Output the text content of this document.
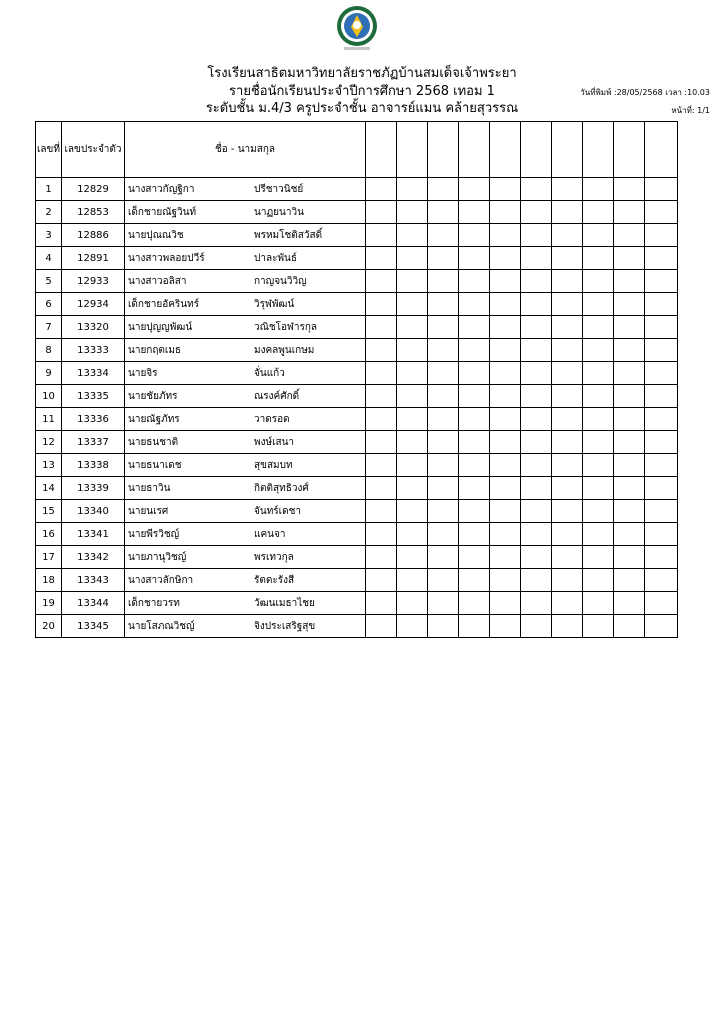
โรงเรียนสาธิตมหาวิทยาลัยราชภัฏบ้านสมเด็จเจ้าพระยา
รายชื่อนักเรียนประจำปีการศึกษา 2568 เทอม 1
ระดับชั้น ม.4/3 ครูประจำชั้น อาจารย์แมน คล้ายสุวรรณ
วันที่พิมพ์ :28/05/2568 เวลา :10.03
หน้าที่: 1/1
เลขที่	เลขประจำตัว	ชื่อ - นามสกุล										
1	12829	นางสาวกัญฐิกา ปรีชาวนิชย์										
2	12853	เด็กชายณัฐวินท์ นาฏยนาวิน										
3	12886	นายปุณณวิช พรหมโชติสวัสดิ์										
4	12891	นางสาวพลอยปวีร์ ปาละพันธ์										
5	12933	นางสาวอลิสา กาญจนวิวิญ										
6	12934	เด็กชายอัครินทร์ วิรุฬพัฒน์										
7	13320	นายปุญญพัฒน์ วณิชโอฬารกุล										
8	13333	นายกฤตเมธ มงคลพูนเกษม										
9	13334	นายจิร จั่นแก้ว										
10	13335	นายชัยภัทร ณรงค์ศักดิ์										
11	13336	นายณัฐภัทร วาดรอด										
12	13337	นายธนชาติ พงษ์เสนา										
13	13338	นายธนาเดช สุขสมบท										
14	13339	นายธาวิน กิตติสุทธิวงศ์										
15	13340	นายนเรศ จันทร์เดชา										
16	13341	นายพีรวิชญ์ แคนจา										
17	13342	นายภานุวิชญ์ พรเทวกุล										
18	13343	นางสาวลักษิกา รัตตะรังสี										
19	13344	เด็กชายวรท วัฒนเมธาไชย										
20	13345	นายโสภณวิชญ์ จิงประเสริฐสุข										
